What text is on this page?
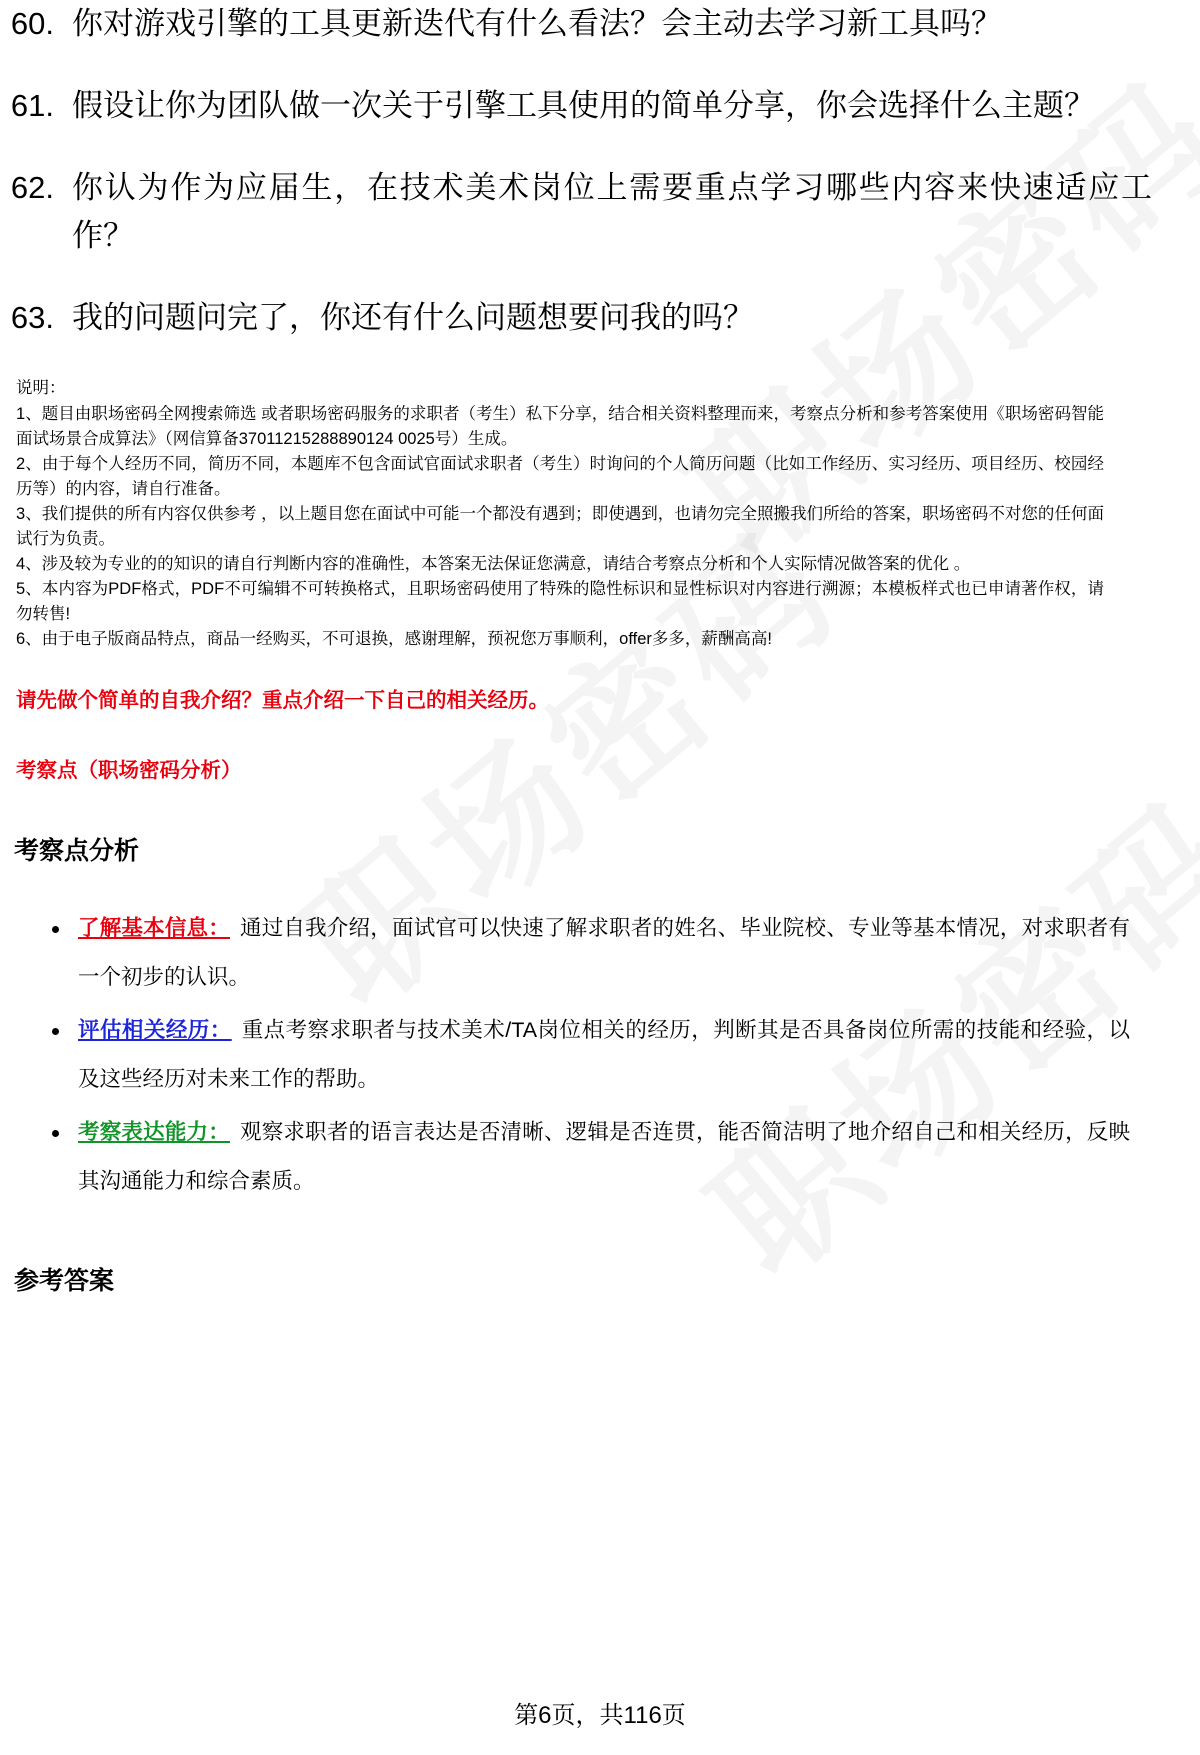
60. 你对游戏引擎的工具更新迭代有什么看法？会主动去学习新工具吗？
61. 假设让你为团队做一次关于引擎工具使用的简单分享，你会选择什么主题？
62. 你认为作为应届生，在技术美术岗位上需要重点学习哪些内容来快速适应工作？
63. 我的问题问完了，你还有什么问题想要问我的吗？
说明：

1、题目由职场密码全网搜索筛选 或者职场密码服务的求职者（考生）私下分享，结合相关资料整理而来，考察点分析和参考答案使用《职场密码智能面试场景合成算法》（网信算备37011215288890124 0025号）生成。

2、由于每个人经历不同，简历不同，本题库不包含面试官面试求职者（考生）时询问的个人简历问题（比如工作经历、实习经历、项目经历、校园经历等）的内容，请自行准备。

3、我们提供的所有内容仅供参考 ，以上题目您在面试中可能一个都没有遇到；即使遇到，也请勿完全照搬我们所给的答案，职场密码不对您的任何面试行为负责。

4、涉及较为专业的的知识的请自行判断内容的准确性，本答案无法保证您满意，请结合考察点分析和个人实际情况做答案的优化 。

5、本内容为PDF格式，PDF不可编辑不可转换格式，且职场密码使用了特殊的隐性标识和显性标识对内容进行溯源；本模板样式也已申请著作权，请勿转售!

6、由于电子版商品特点，商品一经购买，不可退换，感谢理解，预祝您万事顺利，offer多多，薪酬高高!

请先做个简单的自我介绍？重点介绍一下自己的相关经历。
考察点（职场密码分析）
考察点分析
了解基本信息： 通过自我介绍，面试官可以快速了解求职者的姓名、毕业院校、专业等基本情况，对求职者有一个初步的认识。
评估相关经历： 重点考察求职者与技术美术/TA岗位相关的经历，判断其是否具备岗位所需的技能和经验，以及这些经历对未来工作的帮助。
考察表达能力： 观察求职者的语言表达是否清晰、逻辑是否连贯，能否简洁明了地介绍自己和相关经历，反映其沟通能力和综合素质。
参考答案
第6页，共116页
